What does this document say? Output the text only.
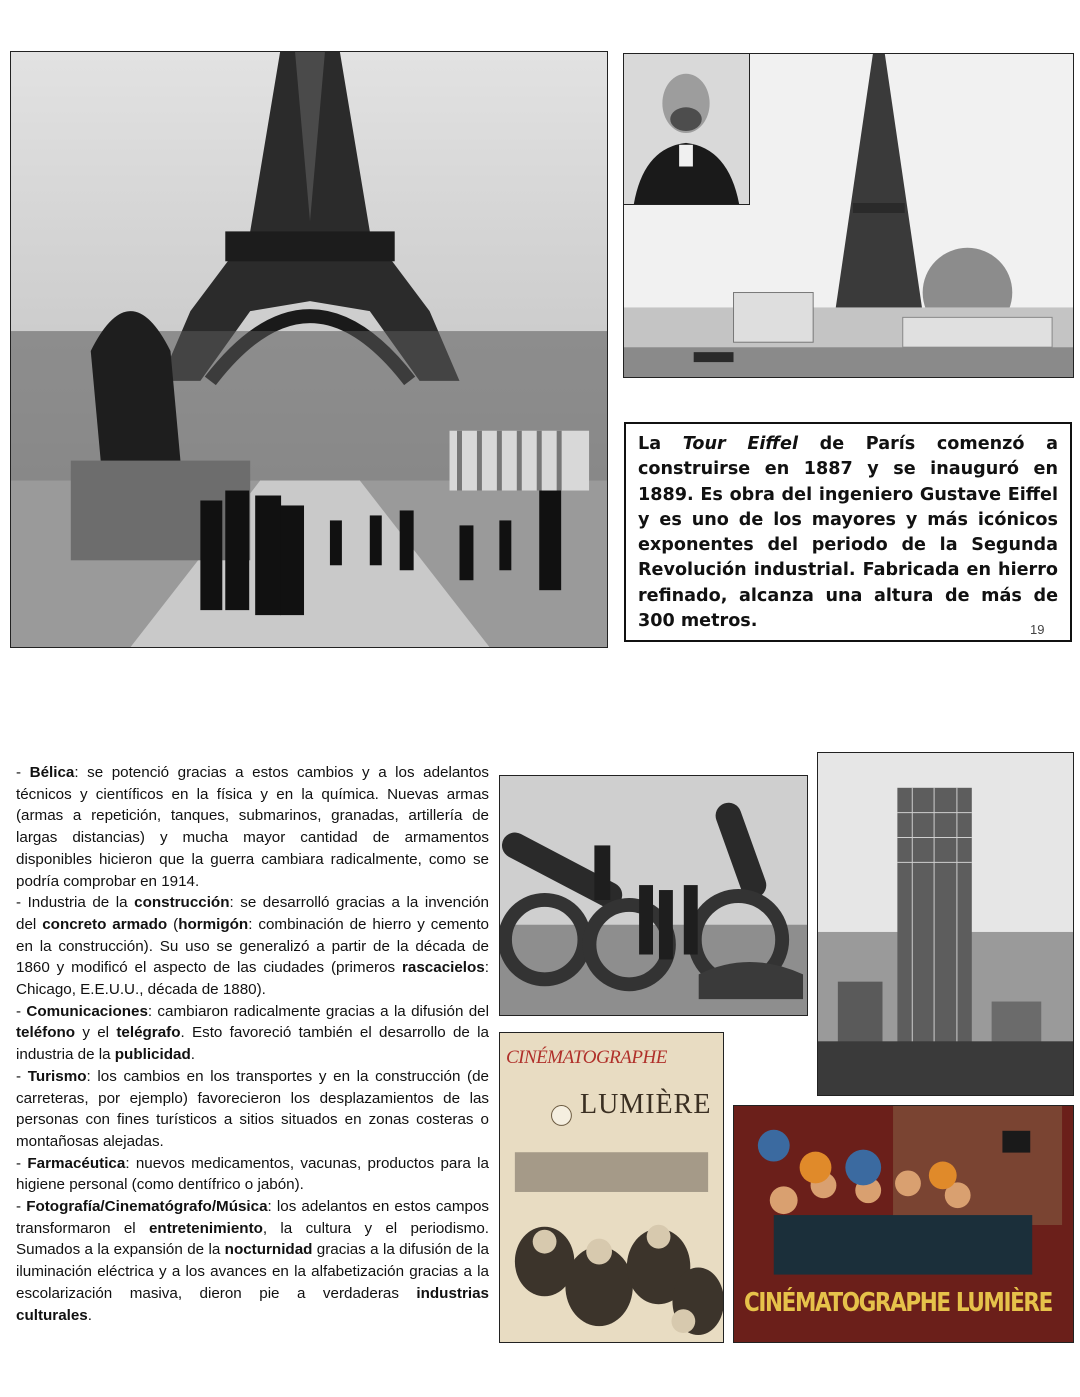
La Tour Eiffel de París comenzó a construirse en 1887 y se inauguró en 1889. Es obra del ingeniero Gustave Eiffel y es uno de los mayores y más icónicos exponentes del periodo de la Segunda Revolución industrial. Fabricada en hierro refinado, alcanza una altura de más de 300 metros.	19

- Bélica: se potenció gracias a estos cambios y a los adelantos técnicos y científicos en la física y en la química. Nuevas armas (armas a repetición, tanques, submarinos, granadas, artillería de largas distancias) y mucha mayor cantidad de armamentos disponibles hicieron que la guerra cambiara radicalmente, como se podría comprobar en 1914.

- Industria de la construcción: se desarrolló gracias a la invención del concreto armado (hormigón: combinación de hierro y cemento en la construcción). Su uso se generalizó a partir de la década de 1860 y modificó el aspecto de las ciudades (primeros rascacielos: Chicago, E.E.U.U., década de 1880).

- Comunicaciones: cambiaron radicalmente gracias a la difusión del teléfono y el telégrafo. Esto favoreció también el desarrollo de la industria de la publicidad.

- Turismo: los cambios en los transportes y en la construcción (de carreteras, por ejemplo) favorecieron los desplazamientos de las personas con fines turísticos a sitios situados en zonas costeras o montañosas alejadas.

- Farmacéutica: nuevos medicamentos, vacunas, productos para la higiene personal (como dentífrico o jabón).

- Fotografía/Cinematógrafo/Música: los adelantos en estos campos transformaron el entretenimiento, la cultura y el periodismo. Sumados a la expansión de la nocturnidad gracias a la difusión de la iluminación eléctrica y a los avances en la alfabetización gracias a la escolarización masiva, dieron pie a verdaderas industrias culturales.

CINÉMATOGRAPHE
LUMIÈRE
CINÉMATOGRAPHE LUMIÈRE
